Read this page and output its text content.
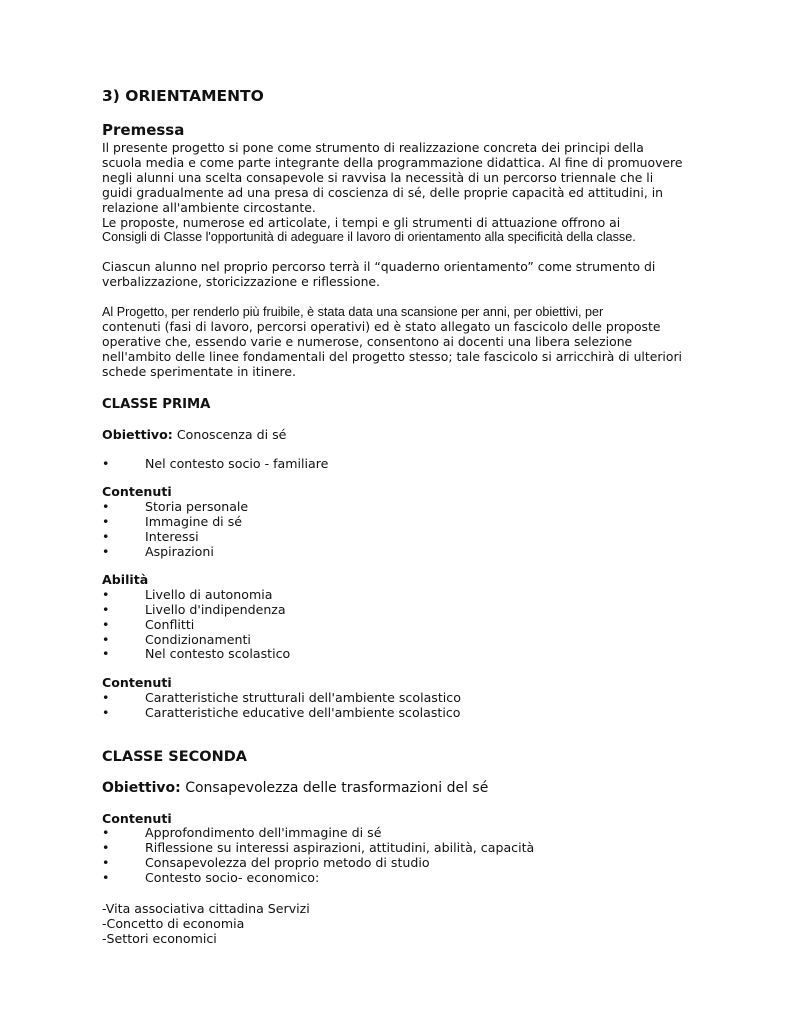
3) ORIENTAMENTO
Premessa

Il presente progetto si pone come strumento di realizzazione concreta dei principi della
scuola media e come parte integrante della programmazione didattica. Al fine di promuovere
negli alunni una scelta consapevole si ravvisa la necessità di un percorso triennale che li
guidi gradualmente ad una presa di coscienza di sé, delle proprie capacità ed attitudini, in
relazione all'ambiente circostante.
Le proposte, numerose ed articolate, i tempi e gli strumenti di attuazione offrono ai
Consigli di Classe l'opportunità di adeguare il lavoro di orientamento alla specificità della classe.

Ciascun alunno nel proprio percorso terrà il “quaderno orientamento” come strumento di
verbalizzazione, storicizzazione e riflessione.

Al Progetto, per renderlo più fruibile, è stata data una scansione per anni, per obiettivi, per
contenuti (fasi di lavoro, percorsi operativi) ed è stato allegato un fascicolo delle proposte
operative che, essendo varie e numerose, consentono ai docenti una libera selezione
nell'ambito delle linee fondamentali del progetto stesso; tale fascicolo si arricchirà di ulteriori
schede sperimentate in itinere.

CLASSE PRIMA

Obiettivo: Conoscenza di sé

•	Nel contesto socio - familiare

Contenuti

•	Storia personale
•	Immagine di sé
•	Interessi
•	Aspirazioni

Abilità

•	Livello di autonomia
•	Livello d'indipendenza
•	Conflitti
•	Condizionamenti
•	Nel contesto scolastico

Contenuti

•	Caratteristiche strutturali dell'ambiente scolastico
•	Caratteristiche educative dell'ambiente scolastico
CLASSE SECONDA

Obiettivo: Consapevolezza delle trasformazioni del sé

Contenuti

•	Approfondimento dell'immagine di sé
•	Riflessione su interessi aspirazioni, attitudini, abilità, capacità
•	Consapevolezza del proprio metodo di studio
•	Contesto socio- economico:
-Vita associativa cittadina Servizi
-Concetto di economia
-Settori economici
